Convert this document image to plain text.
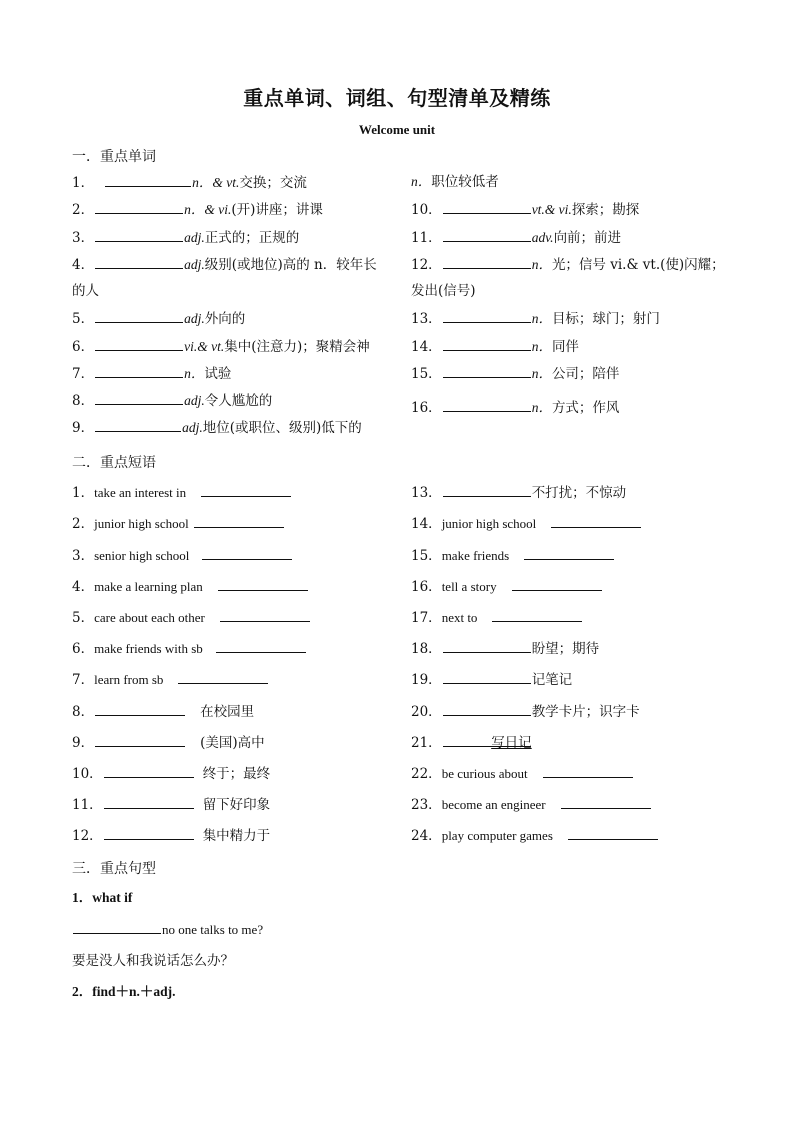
重点单词、词组、句型清单及精练
Welcome unit
一．重点单词
1．	n．& vt.交换；交流
2．	n．& vi.(开)讲座；讲课
3．	adj.正式的；正规的
4．	adj.级别(或地位)高的 n．较年长
的人
5．	adj.外向的
6．	vi.& vt.集中(注意力)；聚精会神
7．	n．试验
8．	adj.令人尴尬的
9．	adj.地位(或职位、级别)低下的
n．职位较低者
10．	vt.& vi.探索；勘探
11．	adv.向前；前进
12．	n．光；信号 vi.& vt.(使)闪耀；
发出(信号)
13．	n．目标；球门；射门
14．	n．同伴
15．	n．公司；陪伴
16．	n．方式；作风
二．重点短语
1．take an interest in
2．junior high school
3．senior high school
4．make a learning plan
5．care about each other
6．make friends with sb
7．learn from sb
8．	在校园里
9．	(美国)高中
10．	终于；最终
11．	留下好印象
12．	集中精力于
13．	不打扰；不惊动
14．junior high school
15．make friends
16．tell a story
17．next to
18．	盼望；期待
19．	记笔记
20．	教学卡片；识字卡
21．	写日记
22．be curious about
23．become an engineer
24．play computer games
三．重点句型
1．what if
no one talks to me?
要是没人和我说话怎么办？
2．find＋n.＋adj.
